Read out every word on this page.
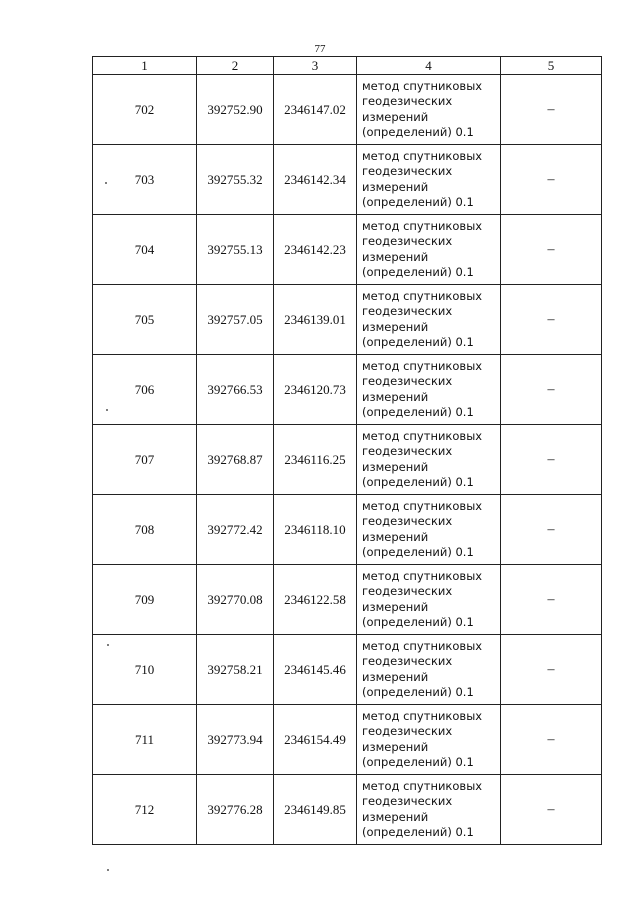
77
1	2	3	4	5
702	392752.90	2346147.02	метод спутниковых
геодезических
измерений
(определений) 0.1	–
703	392755.32	2346142.34	метод спутниковых
геодезических
измерений
(определений) 0.1	–
704	392755.13	2346142.23	метод спутниковых
геодезических
измерений
(определений) 0.1	–
705	392757.05	2346139.01	метод спутниковых
геодезических
измерений
(определений) 0.1	–
706	392766.53	2346120.73	метод спутниковых
геодезических
измерений
(определений) 0.1	–
707	392768.87	2346116.25	метод спутниковых
геодезических
измерений
(определений) 0.1	–
708	392772.42	2346118.10	метод спутниковых
геодезических
измерений
(определений) 0.1	–
709	392770.08	2346122.58	метод спутниковых
геодезических
измерений
(определений) 0.1	–
710	392758.21	2346145.46	метод спутниковых
геодезических
измерений
(определений) 0.1	–
711	392773.94	2346154.49	метод спутниковых
геодезических
измерений
(определений) 0.1	–
712	392776.28	2346149.85	метод спутниковых
геодезических
измерений
(определений) 0.1	–
